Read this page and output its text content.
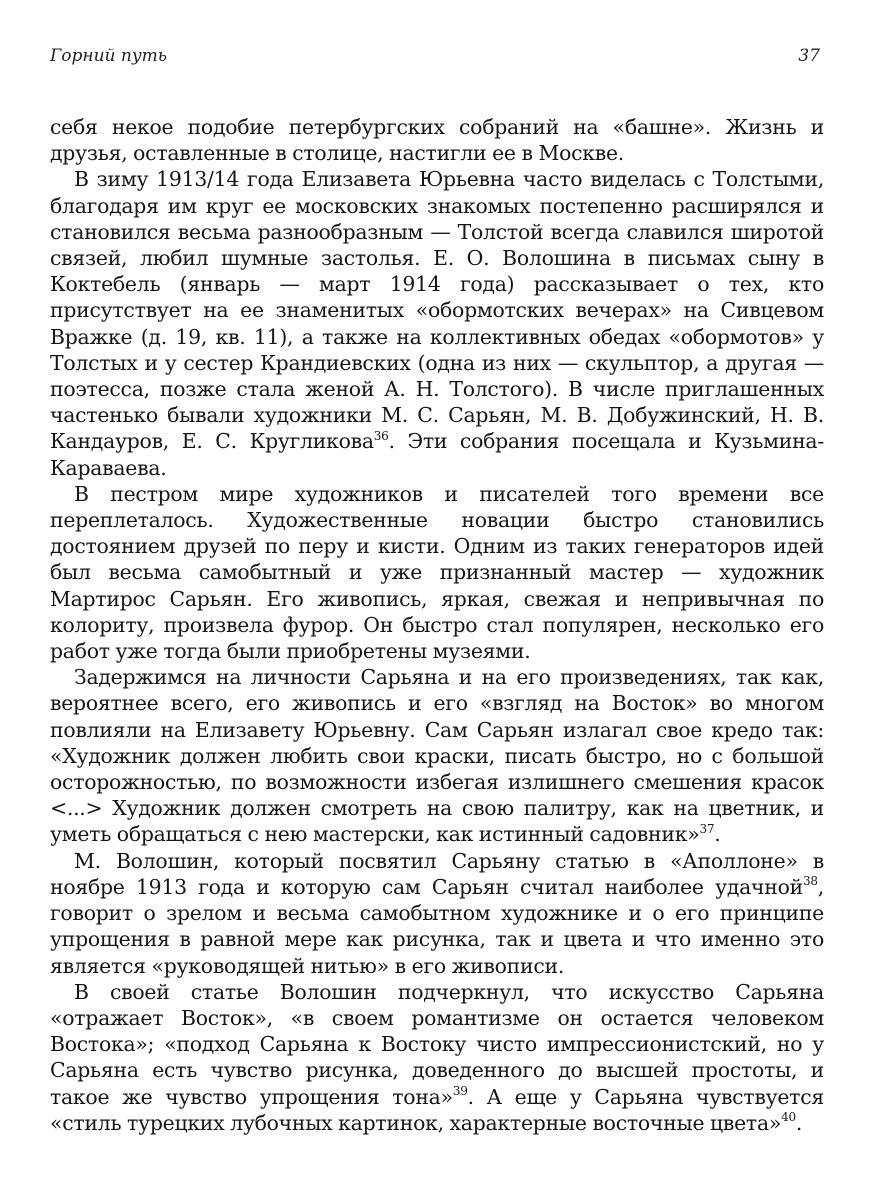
Горний путь	37

себя некое подобие петербургских собраний на «башне». Жизнь и друзья, оставленные в столице, настигли ее в Москве.

В зиму 1913/14 года Елизавета Юрьевна часто виделась с Толстыми, благодаря им круг ее московских знакомых постепенно расширялся и становился весьма разнообразным — Толстой всегда славился широтой связей, любил шумные застолья. Е. О. Волошина в письмах сыну в Коктебель (январь — март 1914 года) рассказывает о тех, кто присутствует на ее знаменитых «обормотских вечерах» на Сивцевом Вражке (д. 19, кв. 11), а также на коллективных обедах «обормотов» у Толстых и у сестер Крандиевских (одна из них — скульптор, а другая — поэтесса, позже стала женой А. Н. Толстого). В числе приглашенных частенько бывали художники М. С. Сарьян, М. В. Добужинский, Н. В. Кандауров, Е. С. Кругликова$^{36}$. Эти собрания посещала и Кузьмина-Караваева.

В пестром мире художников и писателей того времени все переплеталось. Художественные новации быстро становились достоянием друзей по перу и кисти. Одним из таких генераторов идей был весьма самобытный и уже признанный мастер — художник Мартирос Сарьян. Его живопись, яркая, свежая и непривычная по колориту, произвела фурор. Он быстро стал популярен, несколько его работ уже тогда были приобретены музеями.

Задержимся на личности Сарьяна и на его произведениях, так как, вероятнее всего, его живопись и его «взгляд на Восток» во многом повлияли на Елизавету Юрьевну. Сам Сарьян излагал свое кредо так: «Художник должен любить свои краски, писать быстро, но с большой осторожностью, по возможности избегая излишнего смешения красок <...> Художник должен смотреть на свою палитру, как на цветник, и уметь обращаться с нею мастерски, как истинный садовник»$^{37}$.

М. Волошин, который посвятил Сарьяну статью в «Аполлоне» в ноябре 1913 года и которую сам Сарьян считал наиболее удачной$^{38}$, говорит о зрелом и весьма самобытном художнике и о его принципе упрощения в равной мере как рисунка, так и цвета и что именно это является «руководящей нитью» в его живописи.

В своей статье Волошин подчеркнул, что искусство Сарьяна «отражает Восток», «в своем романтизме он остается человеком Востока»; «подход Сарьяна к Востоку чисто импрессионистский, но у Сарьяна есть чувство рисунка, доведенного до высшей простоты, и такое же чувство упрощения тона»$^{39}$. А еще у Сарьяна чувствуется «стиль турецких лубочных картинок, характерные восточные цвета»$^{40}$.
